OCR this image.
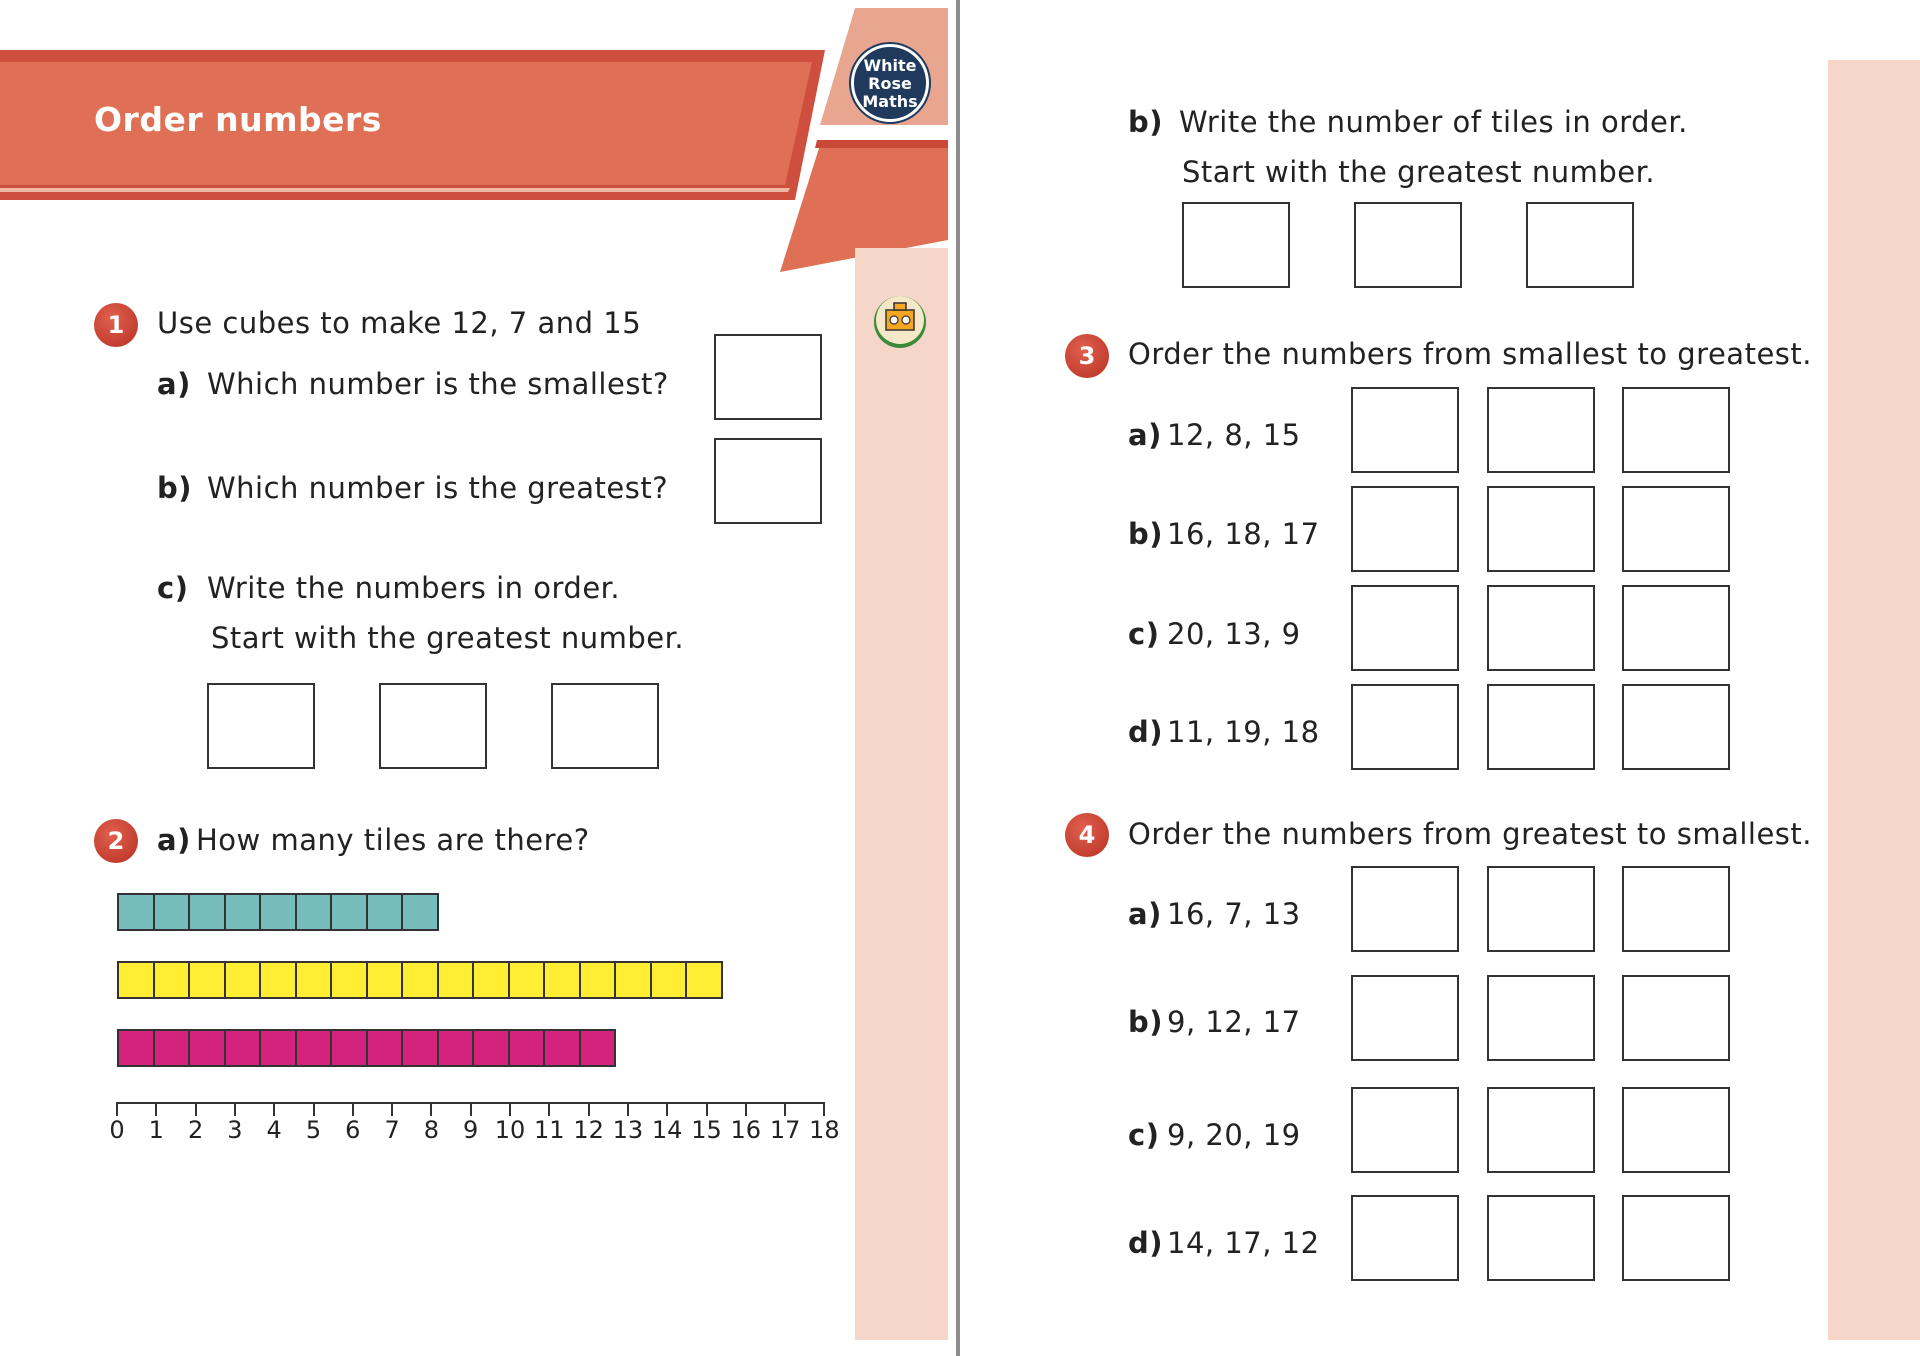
Order numbers
White
Rose
Maths
1	Use cubes to make 12, 7 and 15
a) Which number is the smallest?
b) Which number is the greatest?
c) Write the numbers in order.
Start with the greatest number.
2	a) How many tiles are there?
0	1	2	3	4	5	6	7	8	9 10 11 12 13 14 15 16 17 18
b) Write the number of tiles in order.
Start with the greatest number.
3	Order the numbers from smallest to greatest.
a) 12, 8, 15
b) 16, 18, 17
c) 20, 13, 9
d) 11, 19, 18
4	Order the numbers from greatest to smallest.
a) 16, 7, 13
b) 9, 12, 17
c) 9, 20, 19
d) 14, 17, 12
